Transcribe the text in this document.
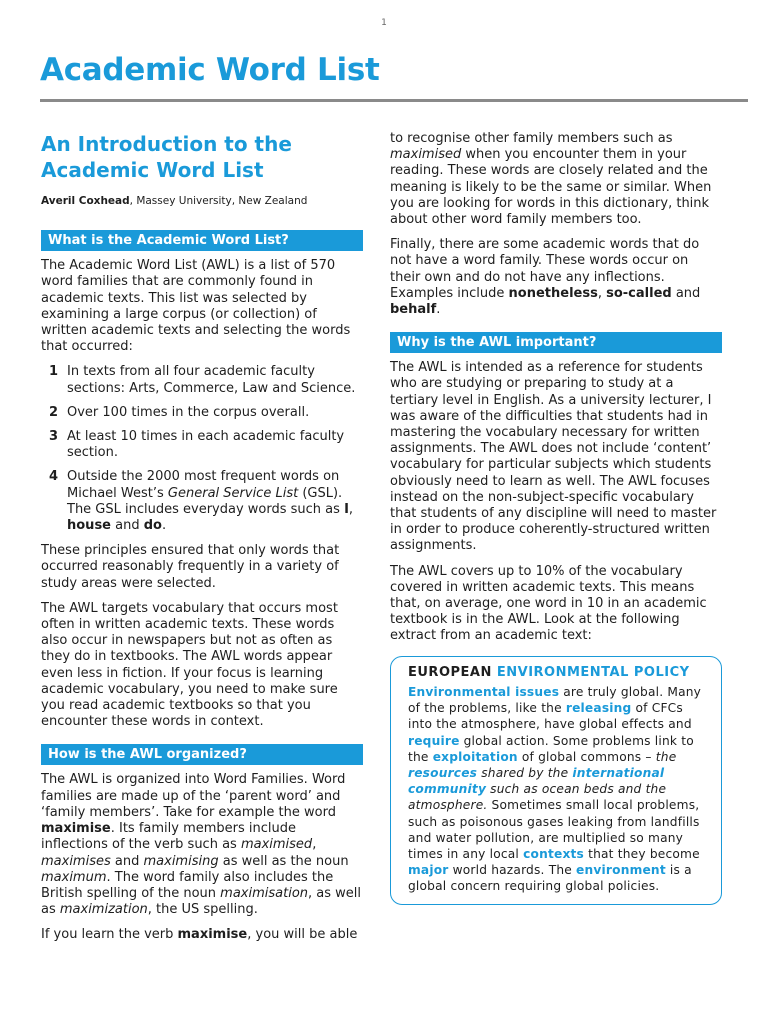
1
Academic Word List
An Introduction to the Academic Word List
Averil Coxhead, Massey University, New Zealand
What is the Academic Word List?

The Academic Word List (AWL) is a list of 570 word families that are commonly found in academic texts. This list was selected by examining a large corpus (or collection) of written academic texts and selecting the words that occurred:

1 In texts from all four academic faculty sections: Arts, Commerce, Law and Science.
2 Over 100 times in the corpus overall.
3 At least 10 times in each academic faculty section.
4 Outside the 2000 most frequent words on Michael West’s General Service List (GSL). The GSL includes everyday words such as I, house and do.

These principles ensured that only words that occurred reasonably frequently in a variety of study areas were selected.

The AWL targets vocabulary that occurs most often in written academic texts. These words also occur in newspapers but not as often as they do in textbooks. The AWL words appear even less in fiction. If your focus is learning academic vocabulary, you need to make sure you read academic textbooks so that you encounter these words in context.

How is the AWL organized?

The AWL is organized into Word Families. Word families are made up of the ‘parent word’ and ‘family members’. Take for example the word maximise. Its family members include inflections of the verb such as maximised, maximises and maximising as well as the noun maximum. The word family also includes the British spelling of the noun maximisation, as well as maximization, the US spelling.

If you learn the verb maximise, you will be able

to recognise other family members such as maximised when you encounter them in your reading. These words are closely related and the meaning is likely to be the same or similar. When you are looking for words in this dictionary, think about other word family members too.

Finally, there are some academic words that do not have a word family. These words occur on their own and do not have any inflections. Examples include nonetheless, so-called and behalf.

Why is the AWL important?

The AWL is intended as a reference for students who are studying or preparing to study at a tertiary level in English. As a university lecturer, I was aware of the difficulties that students had in mastering the vocabulary necessary for written assignments. The AWL does not include ‘content’ vocabulary for particular subjects which students obviously need to learn as well. The AWL focuses instead on the non-subject-specific vocabulary that students of any discipline will need to master in order to produce coherently-structured written assignments.

The AWL covers up to 10% of the vocabulary covered in written academic texts. This means that, on average, one word in 10 in an academic textbook is in the AWL. Look at the following extract from an academic text:

EUROPEAN ENVIRONMENTAL POLICY
Environmental issues are truly global. Many of the problems, like the releasing of CFCs into the atmosphere, have global effects and require global action. Some problems link to the exploitation of global commons – the resources shared by the international community such as ocean beds and the atmosphere. Sometimes small local problems, such as poisonous gases leaking from landfills and water pollution, are multiplied so many times in any local contexts that they become major world hazards. The environment is a global concern requiring global policies.
